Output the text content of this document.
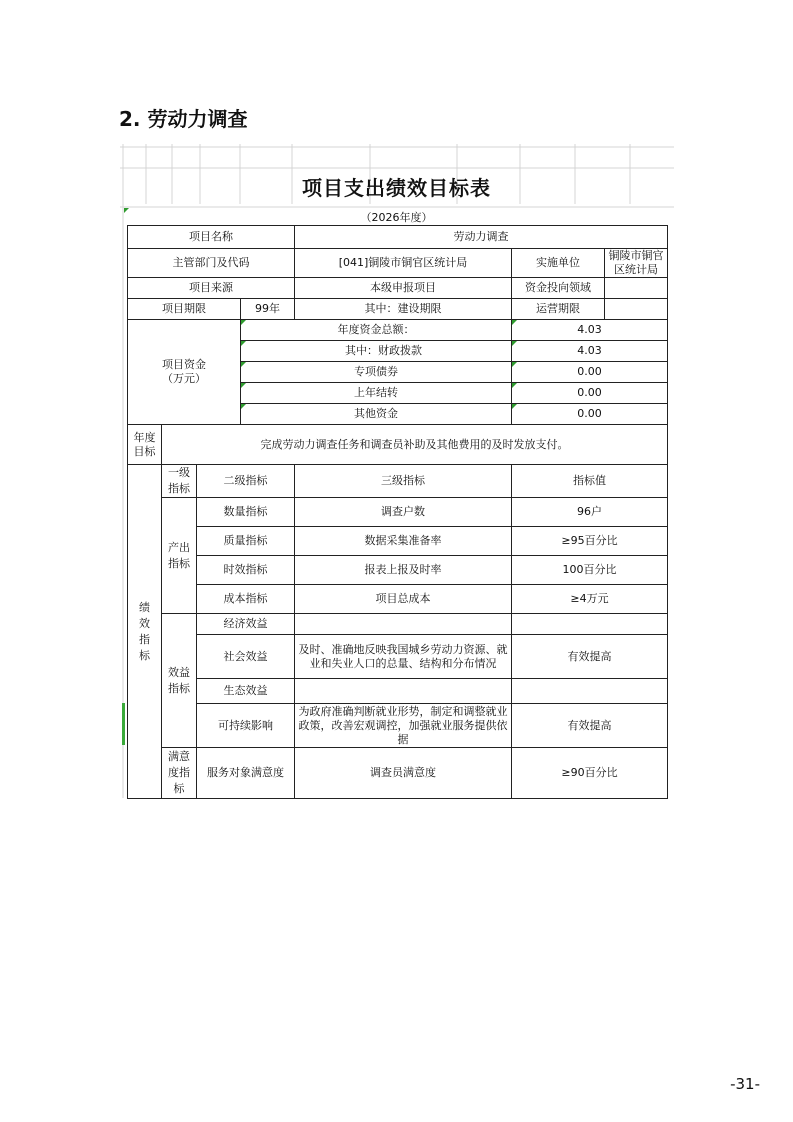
2. 劳动力调查
项目支出绩效目标表
（2026年度）
项目名称				劳动力调查		
主管部门及代码				[041]铜陵市铜官区统计局	实施单位	铜陵市铜官区统计局
项目来源				本级申报项目	资金投向领域	
项目期限			99年	其中：建设期限	运营期限	

项目资金
（万元）			年度资金总额：		4.03	

其中：财政拨款		4.03	

专项债券		0.00	

上年结转		0.00	

其他资金		0.00	

年度
目标	完成劳动力调查任务和调查员补助及其他费用的及时发放支付。					
绩效指标	一级指标	二级指标		三级指标	指标值	
	产出指标	数量指标		调查户数	96户	
		质量指标		数据采集准备率	≥95百分比	
		时效指标		报表上报及时率	100百分比	
		成本指标		项目总成本	≥4万元	
	效益指标	经济效益				
		社会效益		及时、准确地反映我国城乡劳动力资源、就业和失业人口的总量、结构和分布情况	有效提高	
		生态效益				
		可持续影响		为政府准确判断就业形势，制定和调整就业政策，改善宏观调控，加强就业服务提供依据	有效提高	
	满意度指标	服务对象满意度		调查员满意度	≥90百分比	
-31-
